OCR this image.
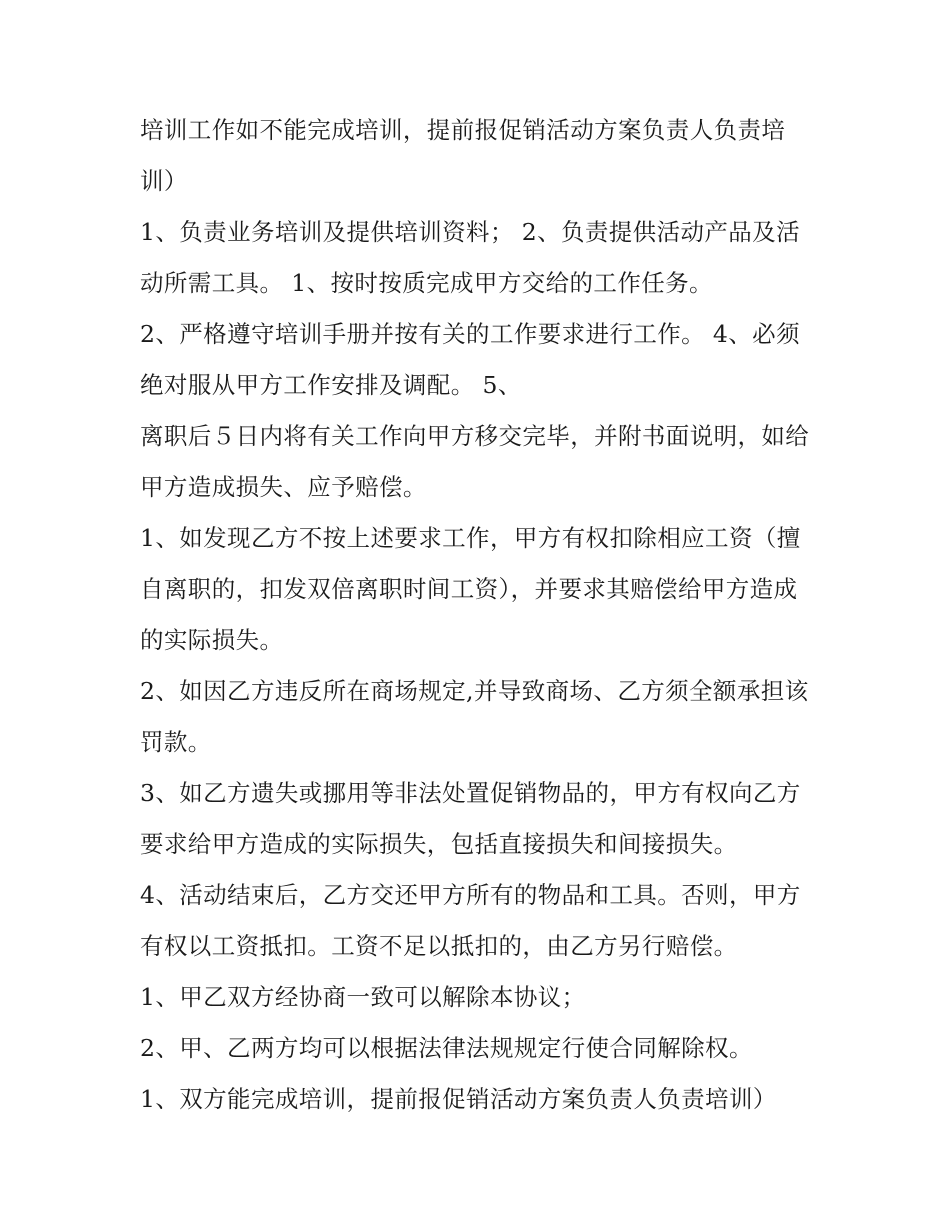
培训工作如不能完成培训，提前报促销活动方案负责人负责培训）

1、负责业务培训及提供培训资料； 2、负责提供活动产品及活动所需工具。 1、按时按质完成甲方交给的工作任务。

2、严格遵守培训手册并按有关的工作要求进行工作。 4、必须绝对服从甲方工作安排及调配。 5、

离职后５日内将有关工作向甲方移交完毕，并附书面说明，如给甲方造成损失、应予赔偿。

1、如发现乙方不按上述要求工作，甲方有权扣除相应工资（擅自离职的，扣发双倍离职时间工资），并要求其赔偿给甲方造成的实际损失。

2、如因乙方违反所在商场规定,并导致商场、乙方须全额承担该罚款。

3、如乙方遗失或挪用等非法处置促销物品的，甲方有权向乙方要求给甲方造成的实际损失，包括直接损失和间接损失。

4、活动结束后，乙方交还甲方所有的物品和工具。否则，甲方有权以工资抵扣。工资不足以抵扣的，由乙方另行赔偿。

1、甲乙双方经协商一致可以解除本协议；

2、甲、乙两方均可以根据法律法规规定行使合同解除权。

1、双方能完成培训，提前报促销活动方案负责人负责培训）
